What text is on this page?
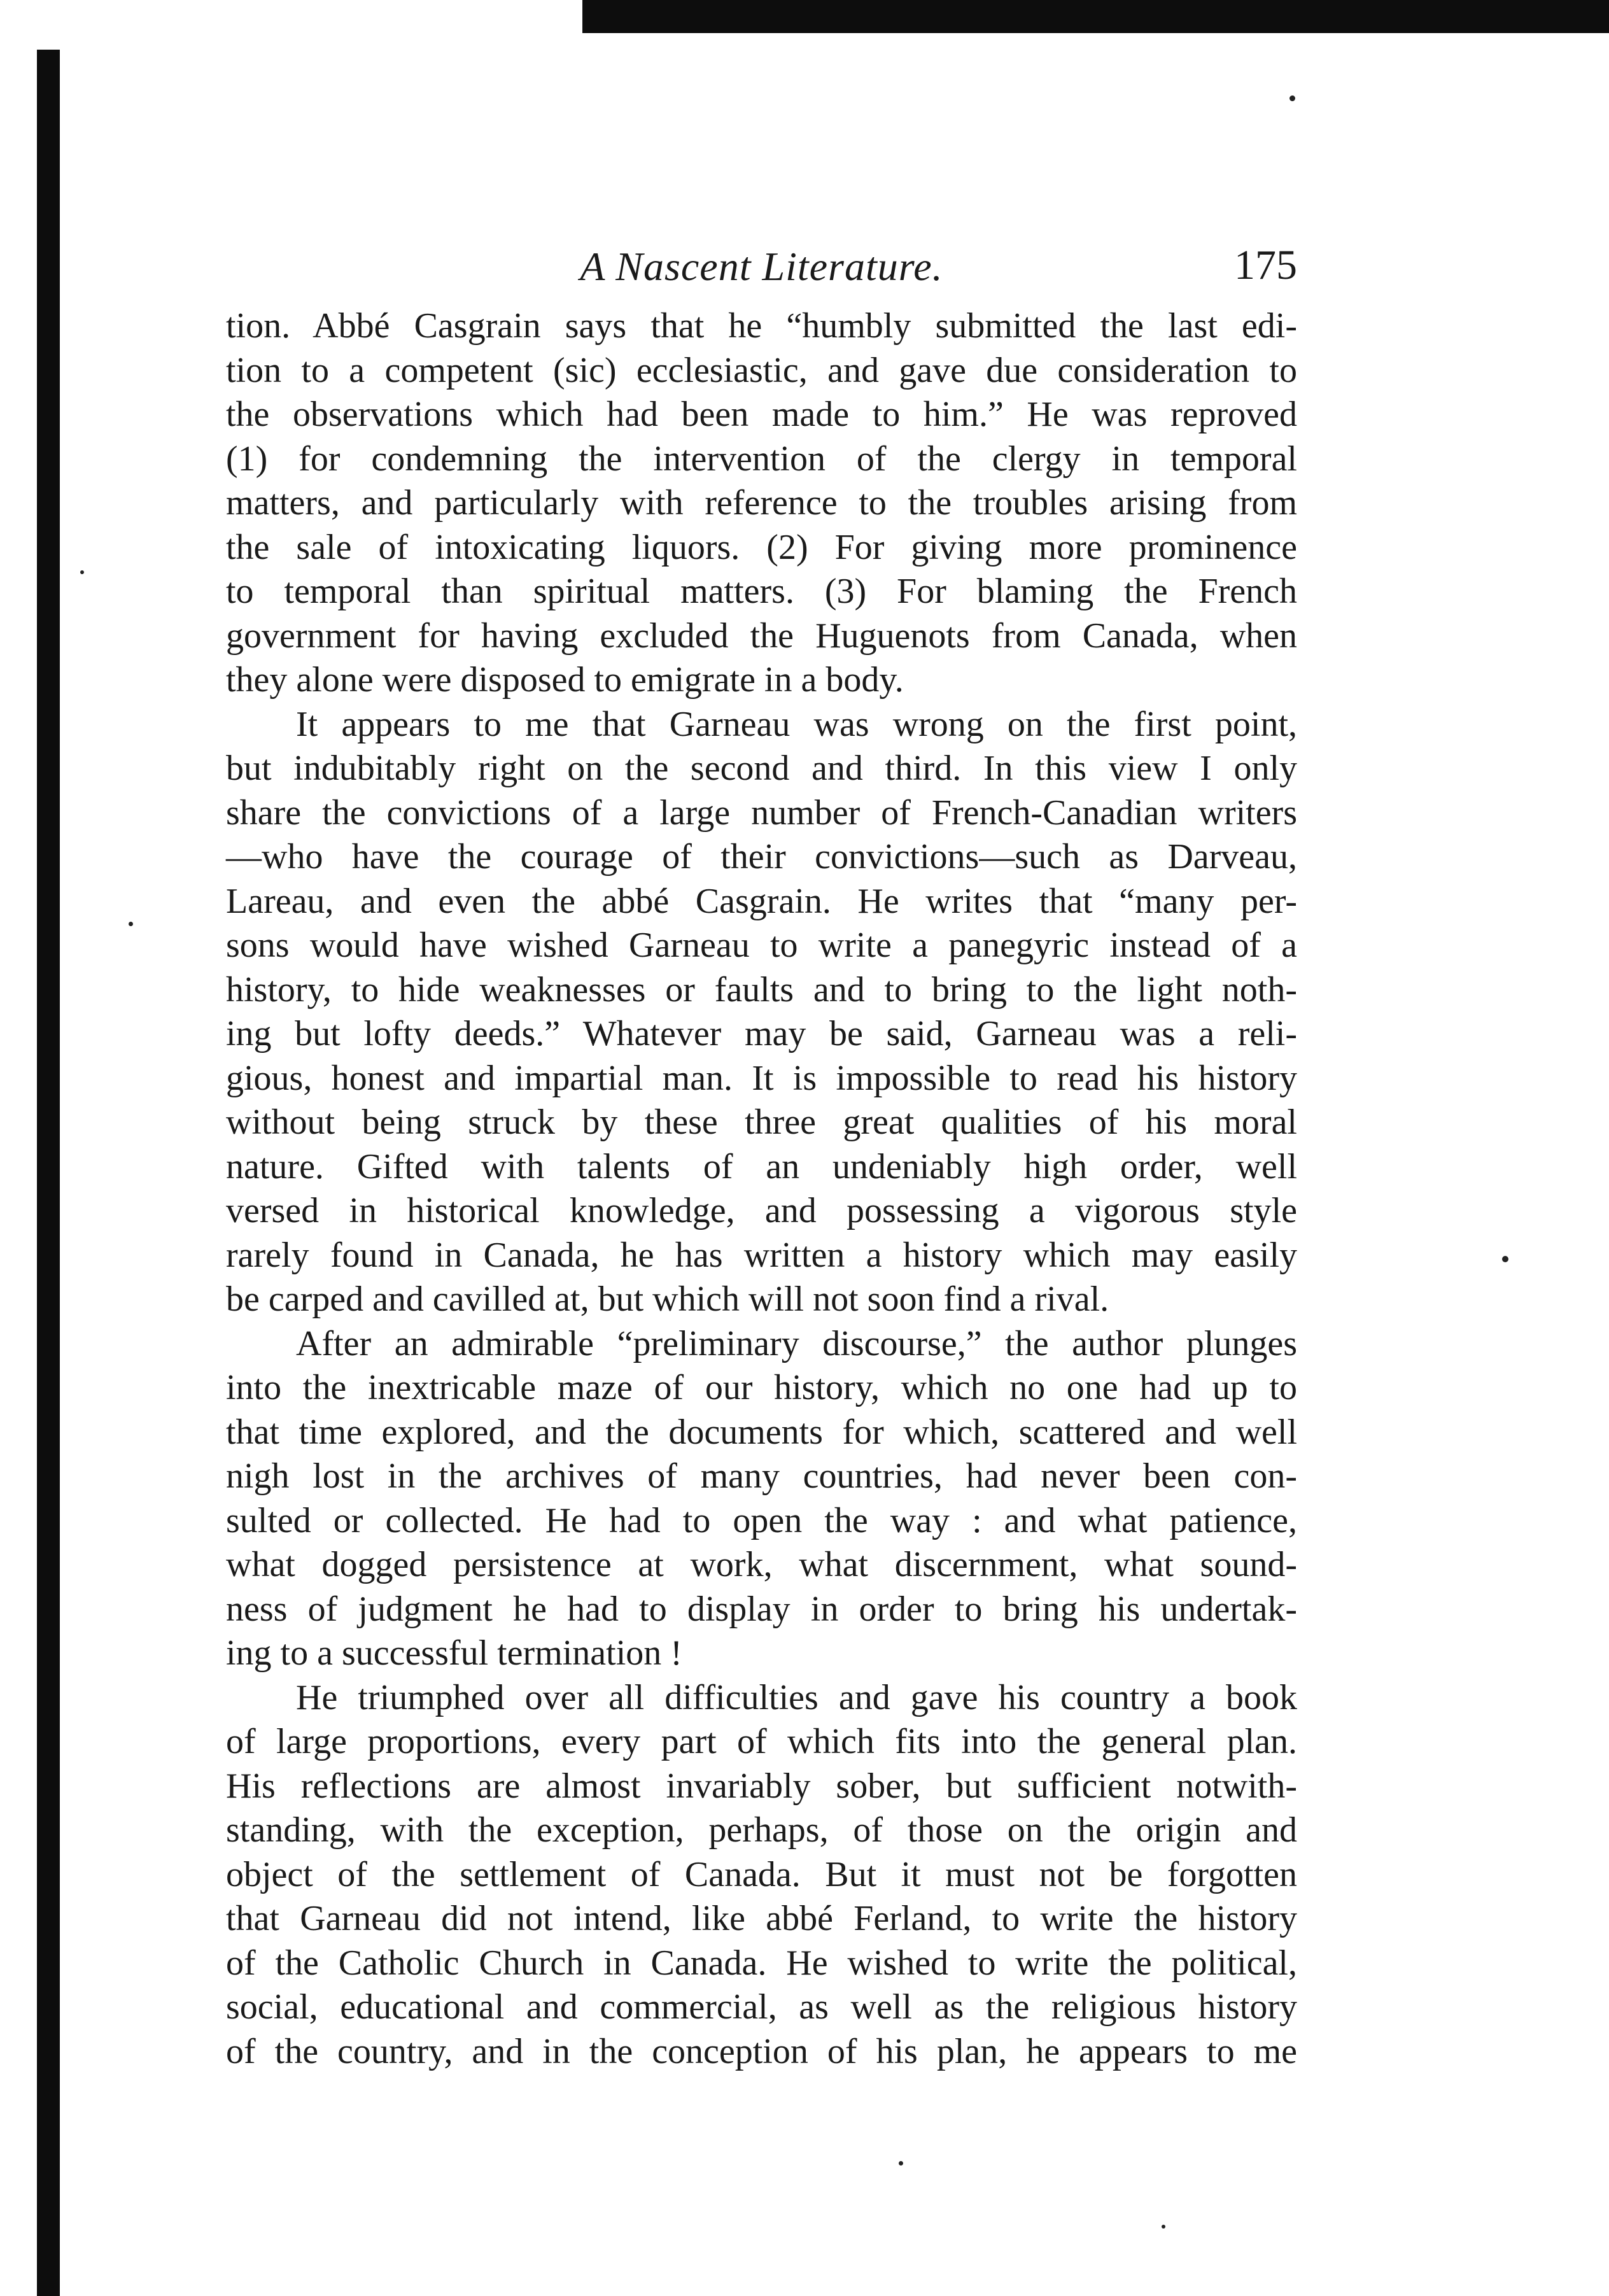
A Nascent Literature.	175
tion. Abbé Casgrain says that he “humbly submitted the last edi-
tion to a competent (sic) ecclesiastic, and gave due consideration to
the observations which had been made to him.” He was reproved
(1) for condemning the intervention of the clergy in temporal
matters, and particularly with reference to the troubles arising from
the sale of intoxicating liquors. (2) For giving more prominence
to temporal than spiritual matters. (3) For blaming the French
government for having excluded the Huguenots from Canada, when
they alone were disposed to emigrate in a body.
It appears to me that Garneau was wrong on the first point,
but indubitably right on the second and third. In this view I only
share the convictions of a large number of French-Canadian writers
—who have the courage of their convictions—such as Darveau,
Lareau, and even the abbé Casgrain. He writes that “many per-
sons would have wished Garneau to write a panegyric instead of a
history, to hide weaknesses or faults and to bring to the light noth-
ing but lofty deeds.” Whatever may be said, Garneau was a reli-
gious, honest and impartial man. It is impossible to read his history
without being struck by these three great qualities of his moral
nature. Gifted with talents of an undeniably high order, well
versed in historical knowledge, and possessing a vigorous style
rarely found in Canada, he has written a history which may easily
be carped and cavilled at, but which will not soon find a rival.
After an admirable “preliminary discourse,” the author plunges
into the inextricable maze of our history, which no one had up to
that time explored, and the documents for which, scattered and well
nigh lost in the archives of many countries, had never been con-
sulted or collected. He had to open the way : and what patience,
what dogged persistence at work, what discernment, what sound-
ness of judgment he had to display in order to bring his undertak-
ing to a successful termination !
He triumphed over all difficulties and gave his country a book
of large proportions, every part of which fits into the general plan.
His reflections are almost invariably sober, but sufficient notwith-
standing, with the exception, perhaps, of those on the origin and
object of the settlement of Canada. But it must not be forgotten
that Garneau did not intend, like abbé Ferland, to write the history
of the Catholic Church in Canada. He wished to write the political,
social, educational and commercial, as well as the religious history
of the country, and in the conception of his plan, he appears to me
